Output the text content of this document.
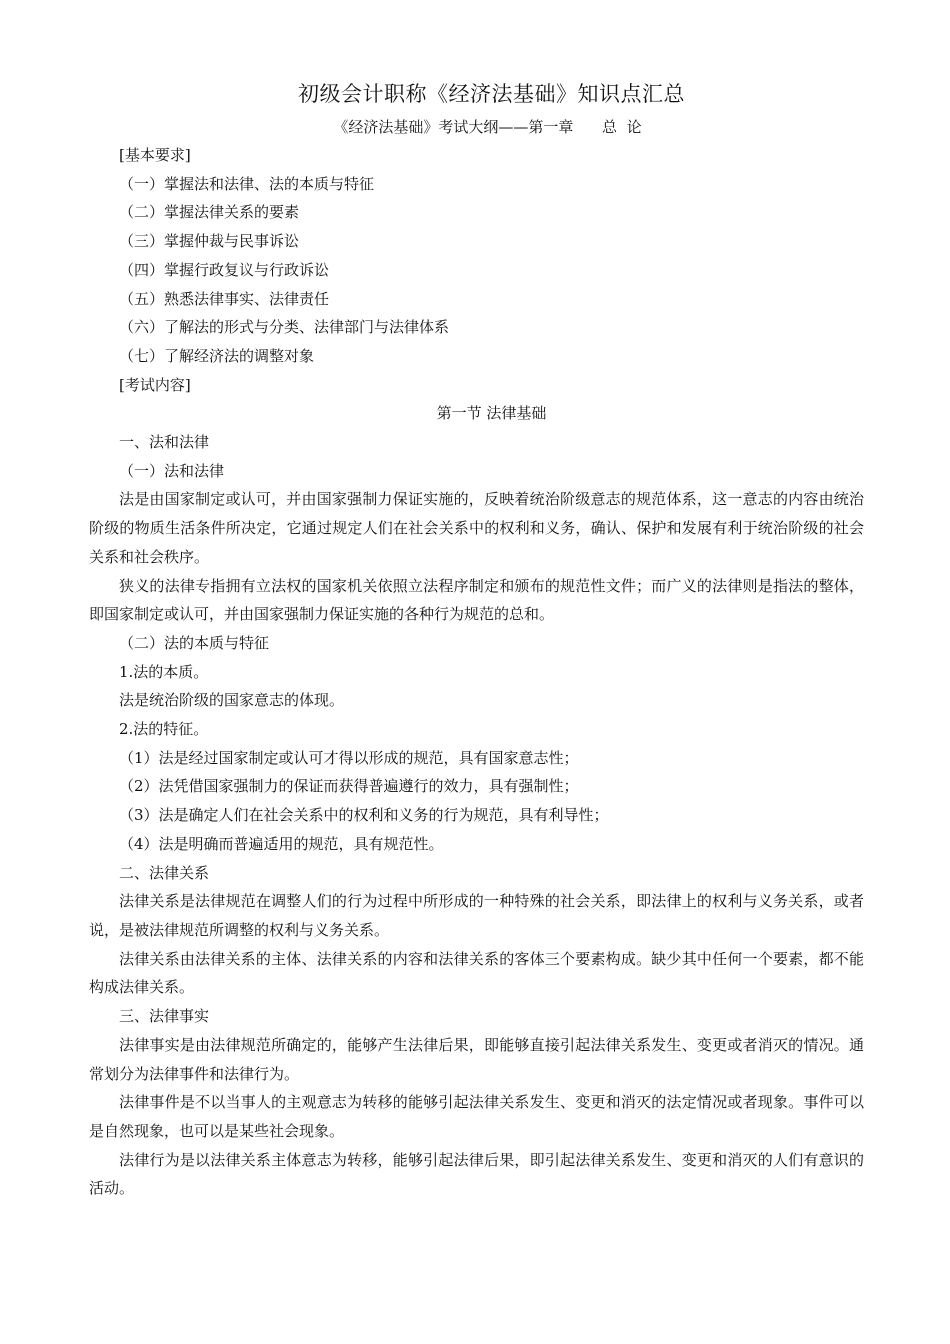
初级会计职称《经济法基础》知识点汇总
《经济法基础》考试大纲——第一章      总  论
[基本要求]
（一）掌握法和法律、法的本质与特征
（二）掌握法律关系的要素
（三）掌握仲裁与民事诉讼
（四）掌握行政复议与行政诉讼
（五）熟悉法律事实、法律责任
（六）了解法的形式与分类、法律部门与法律体系
（七）了解经济法的调整对象
[考试内容]
第一节 法律基础
一、法和法律
（一）法和法律

法是由国家制定或认可，并由国家强制力保证实施的，反映着统治阶级意志的规范体系，这一意志的内容由统治阶级的物质生活条件所决定，它通过规定人们在社会关系中的权利和义务，确认、保护和发展有利于统治阶级的社会关系和社会秩序。

狭义的法律专指拥有立法权的国家机关依照立法程序制定和颁布的规范性文件；而广义的法律则是指法的整体，即国家制定或认可，并由国家强制力保证实施的各种行为规范的总和。

（二）法的本质与特征
1.法的本质。
法是统治阶级的国家意志的体现。
2.法的特征。
（1）法是经过国家制定或认可才得以形成的规范，具有国家意志性；
（2）法凭借国家强制力的保证而获得普遍遵行的效力，具有强制性；
（3）法是确定人们在社会关系中的权利和义务的行为规范，具有利导性；
（4）法是明确而普遍适用的规范，具有规范性。
二、法律关系

法律关系是法律规范在调整人们的行为过程中所形成的一种特殊的社会关系，即法律上的权利与义务关系，或者说，是被法律规范所调整的权利与义务关系。

法律关系由法律关系的主体、法律关系的内容和法律关系的客体三个要素构成。缺少其中任何一个要素，都不能构成法律关系。

三、法律事实

法律事实是由法律规范所确定的，能够产生法律后果，即能够直接引起法律关系发生、变更或者消灭的情况。通常划分为法律事件和法律行为。

法律事件是不以当事人的主观意志为转移的能够引起法律关系发生、变更和消灭的法定情况或者现象。事件可以是自然现象，也可以是某些社会现象。

法律行为是以法律关系主体意志为转移，能够引起法律后果，即引起法律关系发生、变更和消灭的人们有意识的活动。
